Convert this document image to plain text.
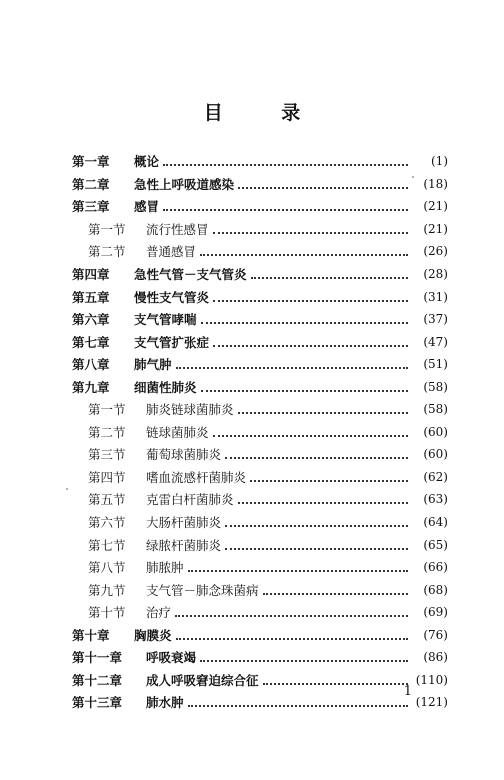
目 录
第一章	概论	(1)
第二章	急性上呼吸道感染	(18)
第三章	感冒	(21)
第一节	流行性感冒	(21)
第二节	普通感冒	(26)
第四章	急性气管－支气管炎	(28)
第五章	慢性支气管炎	(31)
第六章	支气管哮喘	(37)
第七章	支气管扩张症	(47)
第八章	肺气肿	(51)
第九章	细菌性肺炎	(58)
第一节	肺炎链球菌肺炎	(58)
第二节	链球菌肺炎	(60)
第三节	葡萄球菌肺炎	(60)
第四节	嗜血流感杆菌肺炎	(62)
第五节	克雷白杆菌肺炎	(63)
第六节	大肠杆菌肺炎	(64)
第七节	绿脓杆菌肺炎	(65)
第八节	肺脓肿	(66)
第九节	支气管－肺念珠菌病	(68)
第十节	治疗	(69)
第十章	胸膜炎	(76)
第十一章	呼吸衰竭	(86)
第十二章	成人呼吸窘迫综合征	(110)
第十三章	肺水肿	(121)
1
